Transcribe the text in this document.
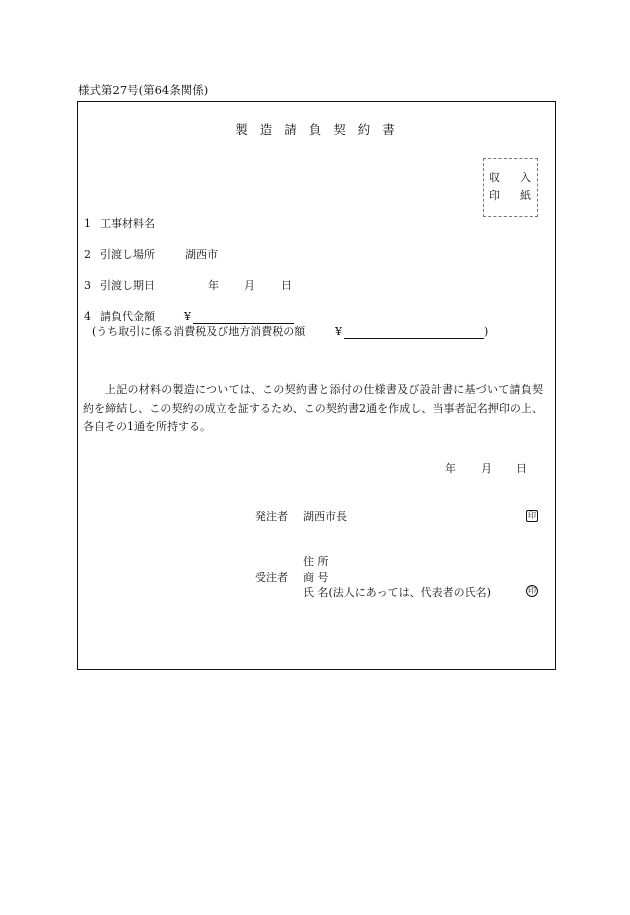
様式第27号(第64条関係)
製造請負契約書
収 入
印 紙
1 工事材料名
2 引渡し場所	湖西市
3 引渡し期日	年 月 日
4 請負代金額	¥
(うち取引に係る消費税及び地方消費税の額	¥	)
上記の材料の製造については、この契約書と添付の仕様書及び設計書に基づいて請負契約を締結し、この契約の成立を証するため、この契約書2通を作成し、当事者記名押印の上、各自その1通を所持する。
年 月 日
発注者 湖西市長	印
住 所
受注者 商 号
氏 名(法人にあっては、代表者の氏名)	印
